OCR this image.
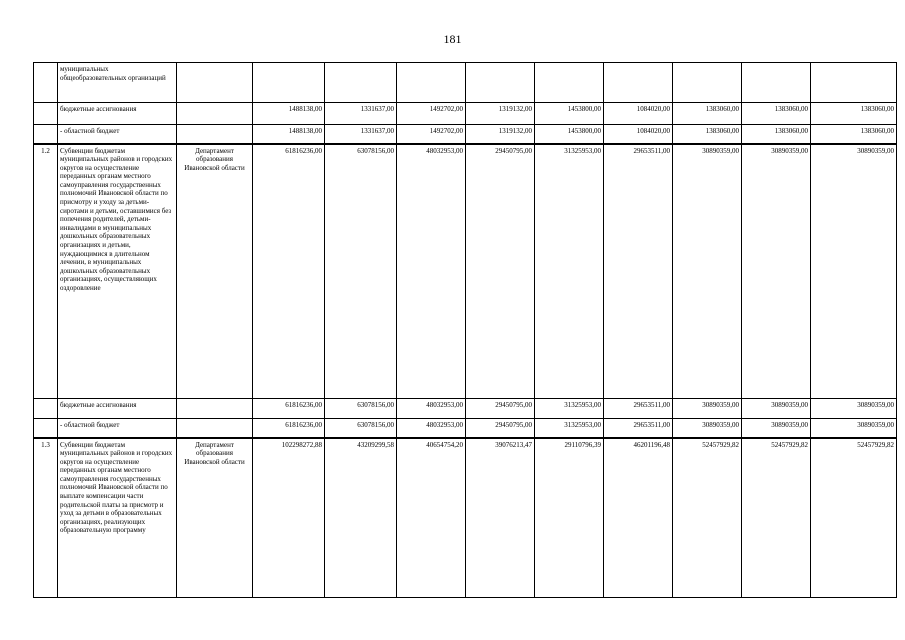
181
	муниципальных общеобразовательных организаций										
	бюджетные ассигнования		1488138,00	1331637,00	1492702,00	1319132,00	1453800,00	1084020,00	1383060,00	1383060,00	1383060,00
	- областной бюджет		1488138,00	1331637,00	1492702,00	1319132,00	1453800,00	1084020,00	1383060,00	1383060,00	1383060,00
1.2	Субвенции бюджетам муниципальных районов и городских округов на осуществление переданных органам местного самоуправления государственных полномочий Ивановской области по присмотру и уходу за детьми-сиротами и детьми, оставшимися без попечения родителей, детьми-инвалидами в муниципальных дошкольных образовательных организациях и детьми, нуждающимися в длительном лечении, в муниципальных дошкольных образовательных организациях, осуществляющих оздоровление	Департамент образования Ивановской области	61816236,00	63078156,00	48032953,00	29450795,00	31325953,00	29653511,00	30890359,00	30890359,00	30890359,00
	бюджетные ассигнования		61816236,00	63078156,00	48032953,00	29450795,00	31325953,00	29653511,00	30890359,00	30890359,00	30890359,00
	- областной бюджет		61816236,00	63078156,00	48032953,00	29450795,00	31325953,00	29653511,00	30890359,00	30890359,00	30890359,00
1.3	Субвенции бюджетам муниципальных районов и городских округов на осуществление переданных органам местного самоуправления государственных полномочий Ивановской области по выплате компенсации части родительской платы за присмотр и уход за детьми в образовательных организациях, реализующих образовательную программу	Департамент образования Ивановской области	102298272,88	43209299,58	40654754,20	39076213,47	29110796,39	46201196,48	52457929,82	52457929,82	52457929,82
